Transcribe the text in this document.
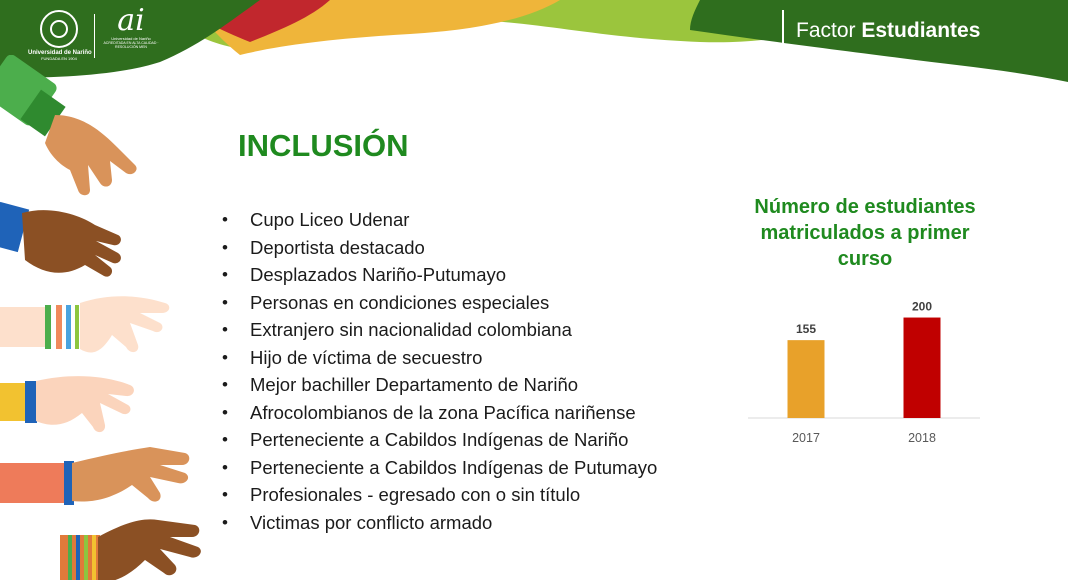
Universidad de Nariño
FUNDADA EN 1904
ai
Universidad de Nariño
ACREDITADA EN ALTA CALIDAD · RESOLUCIÓN MEN
Factor Estudiantes
INCLUSIÓN
• Cupo Liceo Udenar
• Deportista destacado
• Desplazados Nariño-Putumayo
• Personas en condiciones especiales
• Extranjero sin nacionalidad colombiana
• Hijo de víctima de secuestro
• Mejor bachiller Departamento de Nariño
• Afrocolombianos de la zona Pacífica nariñense
• Perteneciente a Cabildos Indígenas de Nariño
• Perteneciente a Cabildos Indígenas de Putumayo
• Profesionales - egresado con o sin título
• Victimas por conflicto armado

Número de estudiantes
matriculados a primer
curso

155
2017
200
2018
